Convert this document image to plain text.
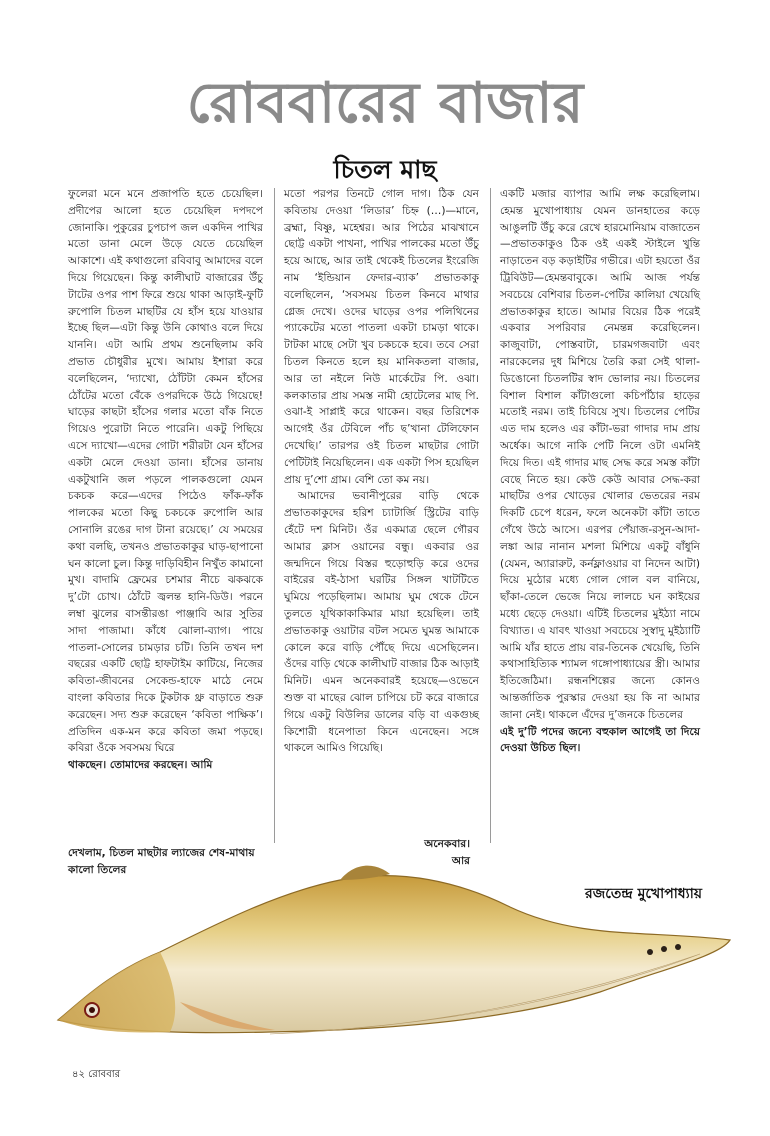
রোববারের বাজার
চিতল মাছ

ফুলেরা মনে মনে প্রজাপতি হতে চেয়েছিল। প্রদীপের আলো হতে চেয়েছিল দপদপে জোনাকি। পুকুরের চুপচাপ জল একদিন পাখির মতো ডানা মেলে উড়ে যেতে চেয়েছিল আকাশে। এই কথাগুলো রবিবাবু আমাদের বলে দিয়ে গিয়েছেন। কিন্তু কালীঘাট বাজারের উঁচু টাটের ওপর পাশ ফিরে শুয়ে থাকা আড়াই-ফুটি রুপোলি চিতল মাছটির যে হাঁস হয়ে যাওয়ার ইচ্ছে ছিল—এটা কিন্তু উনি কোথাও বলে দিয়ে যাননি। এটা আমি প্রথম শুনেছিলাম কবি প্রভাত চৌধুরীর মুখে। আমায় ইশারা করে বলেছিলেন, ‘দ্যাখো, ঠোঁটটা কেমন হাঁসের ঠোঁটের মতো বেঁকে ওপরদিকে উঠে গিয়েছে! ঘাড়ের কাছটা হাঁসের গলার মতো বাঁক নিতে গিয়েও পুরোটা নিতে পারেনি। একটু পিছিয়ে এসে দ্যাখো—এদের গোটা শরীরটা যেন হাঁসের একটা মেলে দেওয়া ডানা। হাঁসের ডানায় একটুখানি জল পড়লে পালকগুলো যেমন চকচক করে—এদের পিঠেও ফাঁক-ফাঁক পালকের মতো কিছু চকচকে রুপোলি আর সোনালি রঙের দাগ টানা রয়েছে।’ যে সময়ের কথা বলছি, তখনও প্রভাতকাকুর ঘাড়-ছাপানো ঘন কালো চুল। কিন্তু দাড়িবিহীন নিখুঁত কামানো মুখ। বাদামি ফ্রেমের চশমার নীচে ঝকঝকে দু’টো চোখ। ঠোঁটে জ্বলন্ত হানি-ডিউ। পরনে লম্বা ঝুলের বাসন্তীরঙা পাঞ্জাবি আর সুতির সাদা পাজামা। কাঁধে ঝোলা-ব্যাগ। পায়ে পাতলা-সোলের চামড়ার চটি। তিনি তখন দশ বছরের একটি ছোট্ট হাফটাইম কাটিয়ে, নিজের কবিতা-জীবনের সেকেন্ড-হাফে মাঠে নেমে বাংলা কবিতার দিকে টুকটাক থ্রু বাড়াতে শুরু করেছেন। সদ্য শুরু করেছেন ‘কবিতা পাক্ষিক’। প্রতিদিন এক-মন করে কবিতা জমা পড়ছে। কবিরা ওঁকে সবসময় ঘিরে

থাকছেন। তোমাদের করছেন। আমি

দেখলাম, চিতল মাছটার ল্যাজের শেষ-মাথায় কালো তিলের

মতো পরপর তিনটে গোল দাগ। ঠিক যেন কবিতায় দেওয়া ‘লিডার’ চিহ্ন (…)—মানে, ব্রহ্মা, বিষ্ণু, মহেশ্বর। আর পিঠের মাঝখানে ছোট্ট একটা পাখনা, পাখির পালকের মতো উঁচু হয়ে আছে, আর তাই থেকেই চিতলের ইংরেজি নাম ‘ইন্ডিয়ান ফেদার-ব্যাক’ প্রভাতকাকু বলেছিলেন, ‘সবসময় চিতল কিনবে মাথার গ্লেজ দেখে। ওদের ঘাড়ের ওপর পলিথিনের প্যাকেটের মতো পাতলা একটা চামড়া থাকে। টাটকা মাছে সেটা খুব চকচকে হবে। তবে সেরা চিতল কিনতে হলে হয় মানিকতলা বাজার, আর তা নইলে নিউ মার্কেটের পি. ওঝা। কলকাতার প্রায় সমস্ত নামী হোটেলের মাছ পি. ওঝা-ই সাপ্লাই করে থাকেন। বছর তিরিশেক আগেই ওঁর টেবিলে পাঁচ ছ’খানা টেলিফোন দেখেছি।’ তারপর ওই চিতল মাছটার গোটা পেটিটাই নিয়েছিলেন। এক একটা পিস হয়েছিল প্রায় দু’শো গ্রাম। বেশি তো কম নয়।

আমাদের ভবানীপুরের বাড়ি থেকে প্রভাতকাকুদের হরিশ চ্যাটার্জি স্ট্রিটের বাড়ি হেঁটে দশ মিনিট। ওঁর একমাত্র ছেলে গৌরব আমার ক্লাস ওয়ানের বন্ধু। একবার ওর জন্মদিনে গিয়ে বিস্তর হুড়োহুড়ি করে ওদের বাইরের বই-ঠাসা ঘরটির সিঙ্গল খাটটিতে ঘুমিয়ে পড়েছিলাম। আমায় ঘুম থেকে টেনে তুলতে যূথিকাকাকিমার মায়া হয়েছিল। তাই প্রভাতকাকু ওয়াটার বটল সমেত ঘুমন্ত আমাকে কোলে করে বাড়ি পৌঁছে দিয়ে এসেছিলেন। ওঁদের বাড়ি থেকে কালীঘাট বাজার ঠিক আড়াই মিনিট। এমন অনেকবারই হয়েছে—ওভেনে শুক্ত বা মাছের ঝোল চাপিয়ে চট করে বাজারে গিয়ে একটু বিউলির ডালের বড়ি বা একগুচ্ছ কিশোরী ধনেপাতা কিনে এনেছেন। সঙ্গে থাকলে আমিও গিয়েছি।

অনেকবার।
আর

একটি মজার ব্যাপার আমি লক্ষ করেছিলাম। হেমন্ত মুখোপাধ্যায় যেমন ডানহাতের কড়ে আঙুলটি উঁচু করে রেখে হারমোনিয়াম বাজাতেন—প্রভাতকাকুও ঠিক ওই একই স্টাইলে খুন্তি নাড়াতেন বড় কড়াইটির গভীরে। এটা হয়তো ওঁর ট্রিবিউট—হেমন্তবাবুকে। আমি আজ পর্যন্ত সবচেয়ে বেশিবার চিতল-পেটির কালিয়া খেয়েছি প্রভাতকাকুর হাতে। আমার বিয়ের ঠিক পরেই একবার সপরিবার নেমন্তন্ন করেছিলেন। কাজুবাটা, পোস্তবাটা, চারমগজবাটা এবং নারকেলের দুধ মিশিয়ে তৈরি করা সেই থালা-ডিঙোনো চিতলটির স্বাদ ভোলার নয়। চিতলের বিশাল বিশাল কাঁটাগুলো কচিপাঁঠার হাড়ের মতোই নরম। তাই চিবিয়ে সুখ। চিতলের পেটির এত দাম হলেও এর কাঁটা-ভরা গাদার দাম প্রায় অর্ধেক। আগে নাকি পেটি নিলে ওটা এমনিই দিয়ে দিত। এই গাদার মাছ সেদ্ধ করে সমস্ত কাঁটা বেছে নিতে হয়। কেউ কেউ আবার সেদ্ধ-করা মাছটির ওপর খোড়ের খোলার ভেতরের নরম দিকটি চেপে ধরেন, ফলে অনেকটা কাঁটা তাতে গেঁথে উঠে আসে। এরপর পেঁয়াজ-রসুন-আদা-লঙ্কা আর নানান মশলা মিশিয়ে একটু বাঁধুনি (যেমন, অ্যারারুট, কর্নফ্লাওয়ার বা নিদেন আটা) দিয়ে মুঠোর মধ্যে গোল গোল বল বানিয়ে, ছাঁকা-তেলে ভেজে নিয়ে লালচে ঘন কাইয়ের মধ্যে ছেড়ে দেওয়া। এটিই চিতলের মুইঠ্যা নামে বিখ্যাত। এ যাবৎ খাওয়া সবচেয়ে সুস্বাদু মুইঠ্যাটি আমি যাঁর হাতে প্রায় বার-তিনেক খেয়েছি, তিনি কথাসাহিত্যিক শ্যামল গঙ্গোপাধ্যায়ের স্ত্রী। আমার ইতিজেঠিমা। রন্ধনশিল্পের জন্যে কোনও আন্তর্জাতিক পুরস্কার দেওয়া হয় কি না আমার জানা নেই। থাকলে এঁদের দু’জনকে চিতলের

এই দু’টি পদের জন্যে বহুকাল আগেই তা দিয়ে দেওয়া উচিত ছিল।

রজতেন্দ্র মুখোপাধ্যায়
৪২ রোববার
